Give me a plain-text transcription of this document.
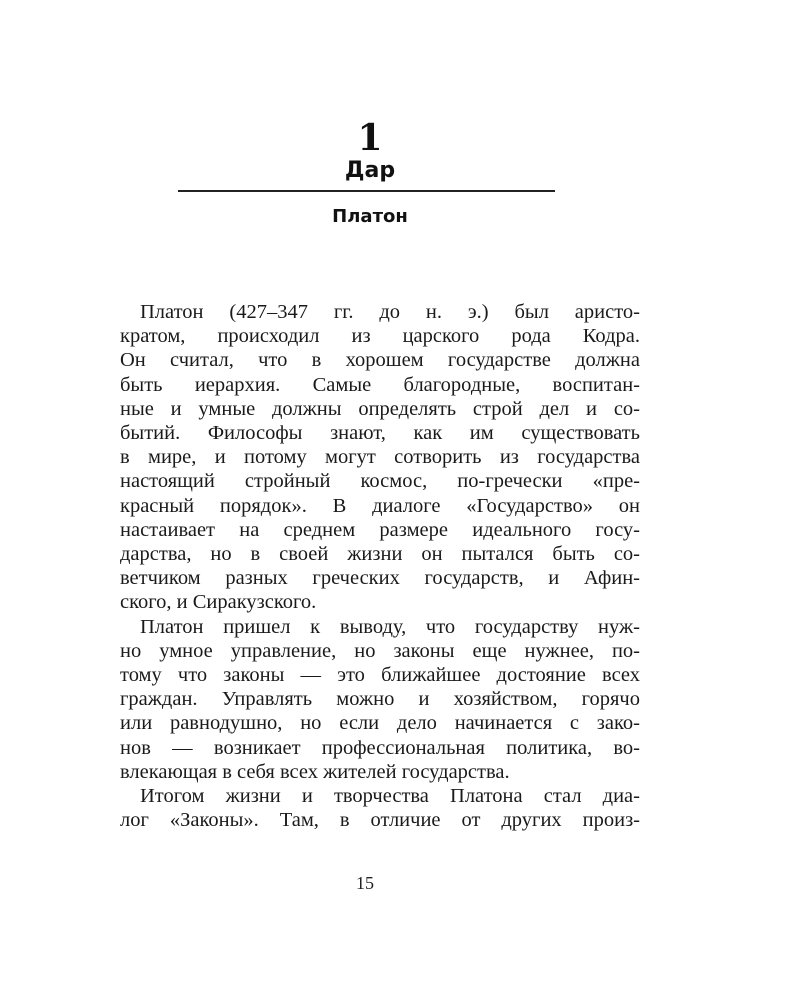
1
Дар
Платон

Платон (427–347 гг. до н. э.) был аристо-
кратом, происходил из царского рода Кодра.
Он считал, что в хорошем государстве должна
быть иерархия. Самые благородные, воспитан-
ные и умные должны определять строй дел и со-
бытий. Философы знают, как им существовать
в мире, и потому могут сотворить из государства
настоящий стройный космос, по-гречески «пре-
красный порядок». В диалоге «Государство» он
настаивает на среднем размере идеального госу-
дарства, но в своей жизни он пытался быть со-
ветчиком разных греческих государств, и Афин-
ского, и Сиракузского.

Платон пришел к выводу, что государству нуж-
но умное управление, но законы еще нужнее, по-
тому что законы — это ближайшее достояние всех
граждан. Управлять можно и хозяйством, горячо
или равнодушно, но если дело начинается с зако-
нов — возникает профессиональная политика, во-
влекающая в себя всех жителей государства.

Итогом жизни и творчества Платона стал диа-
лог «Законы». Там, в отличие от других произ-

15
